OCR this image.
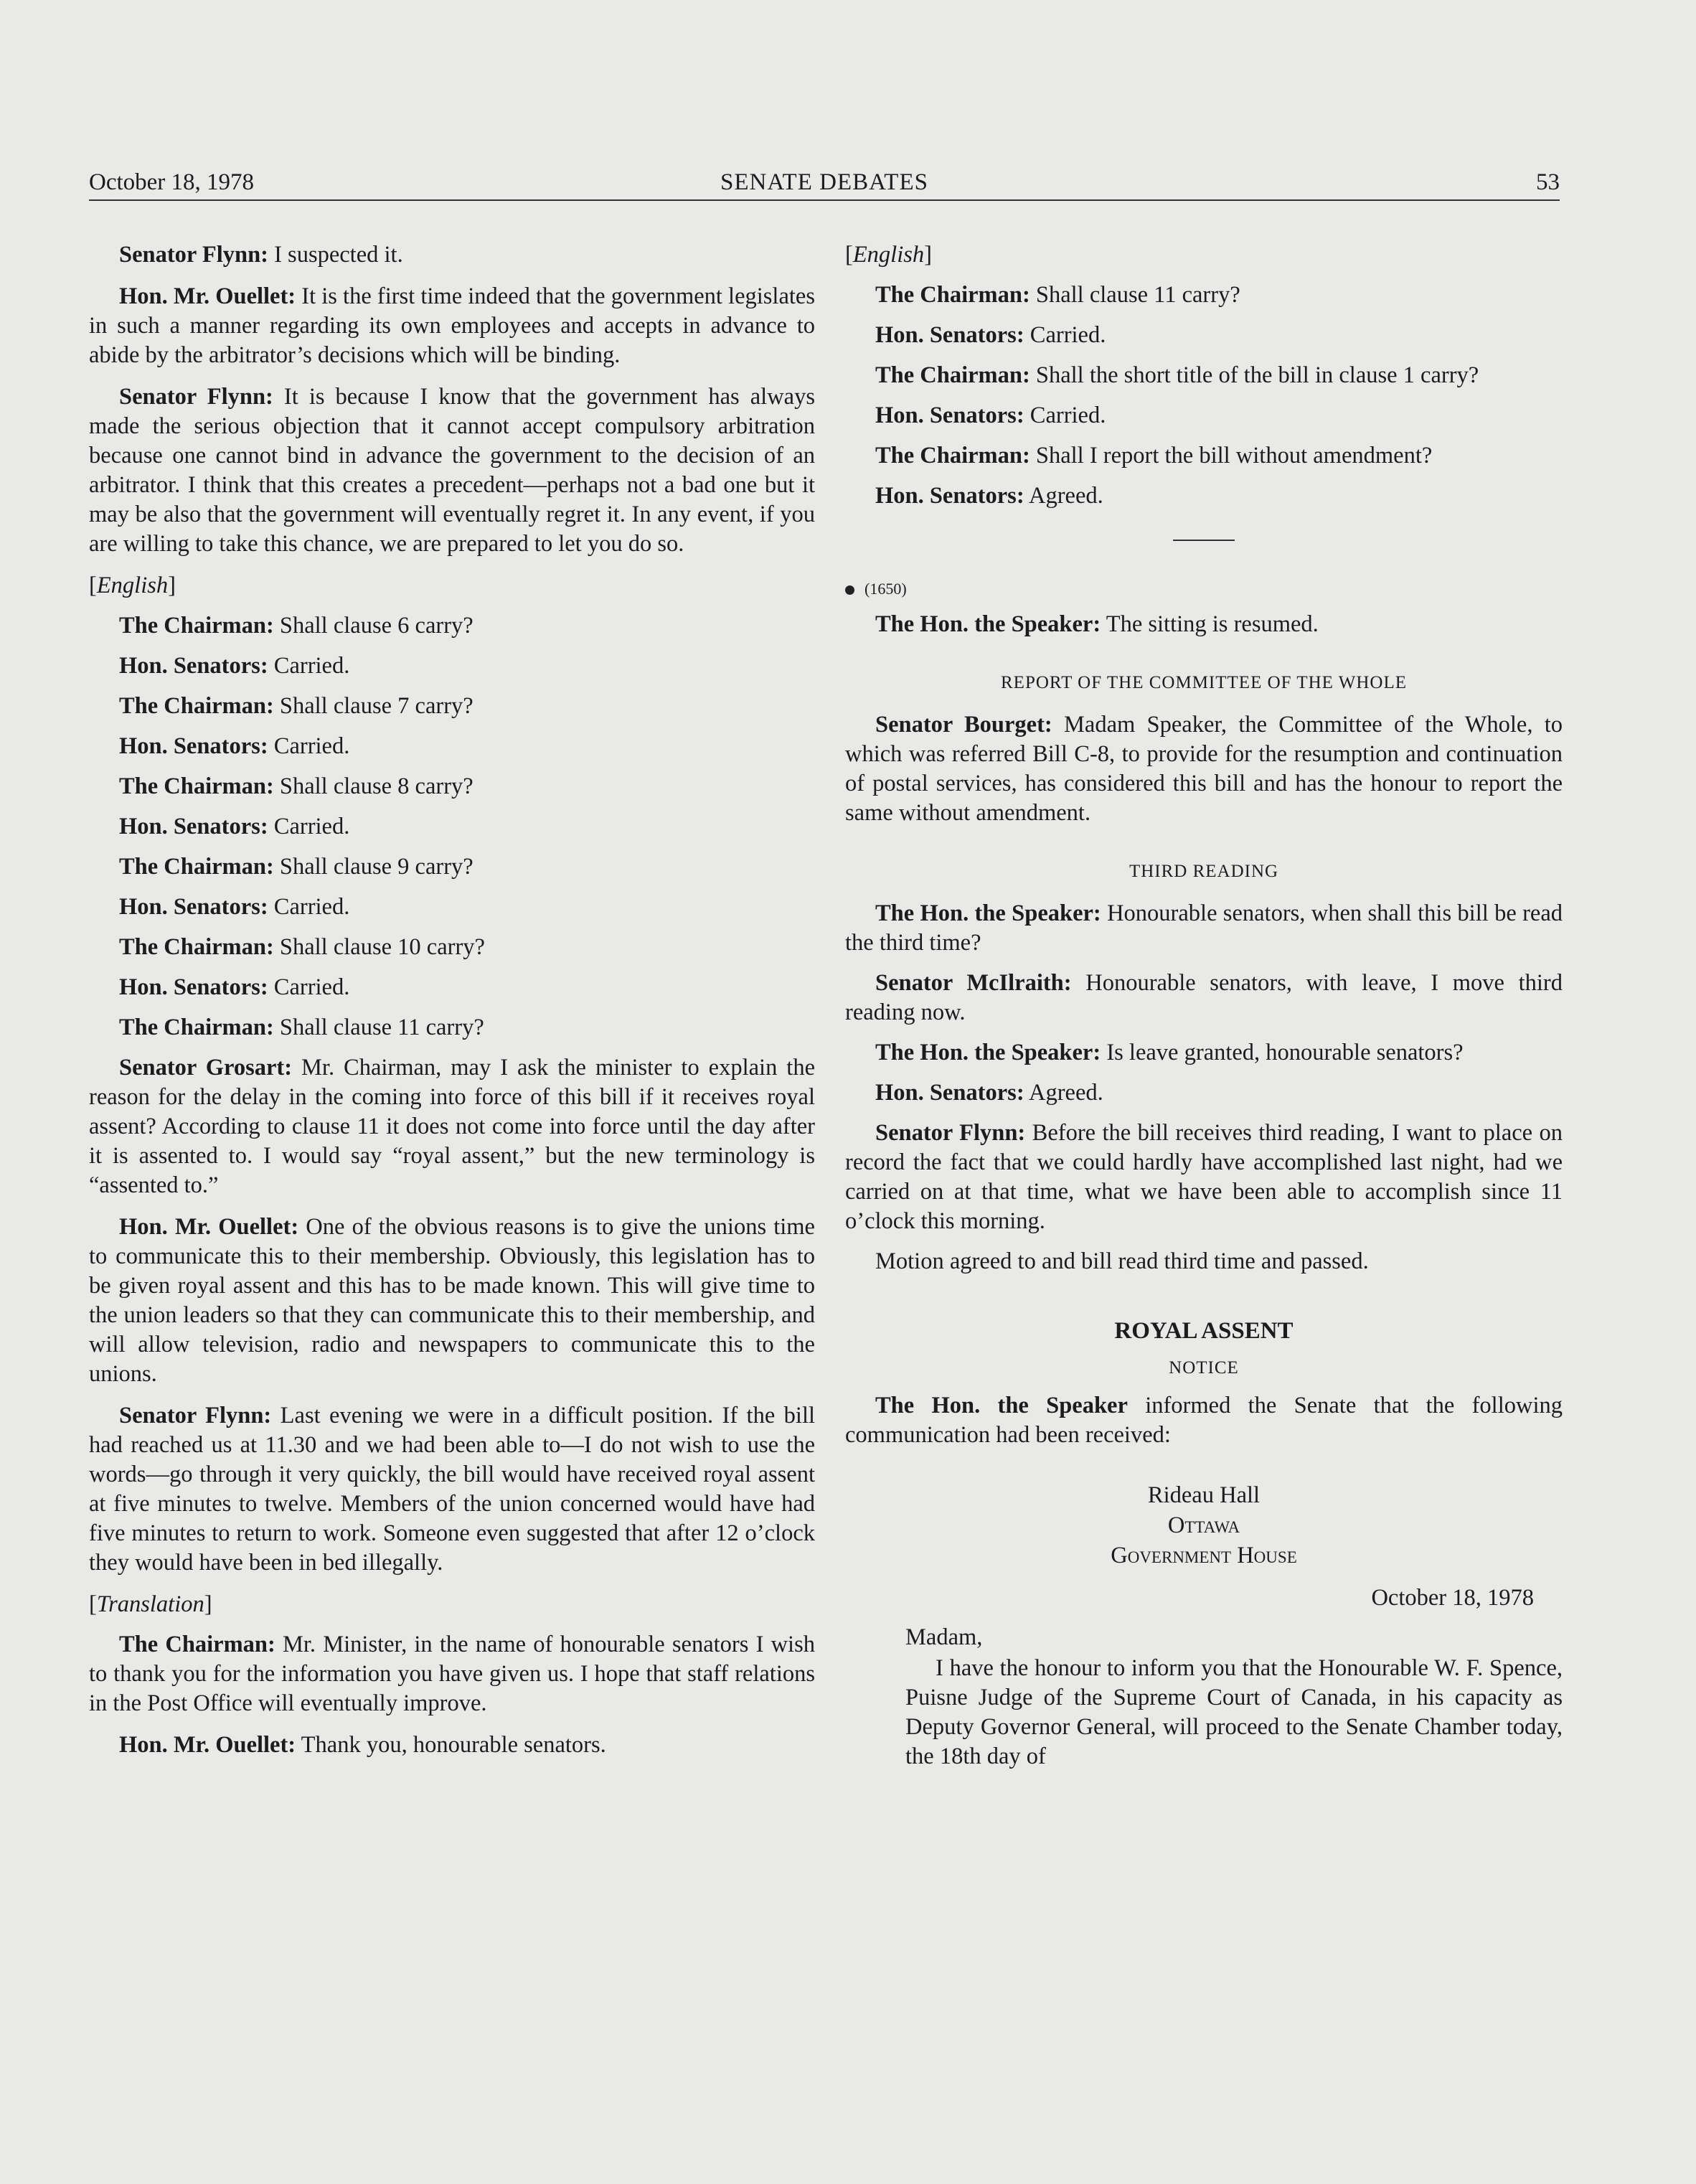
October 18, 1978	SENATE DEBATES	53

Senator Flynn: I suspected it.

Hon. Mr. Ouellet: It is the first time indeed that the government legislates in such a manner regarding its own employees and accepts in advance to abide by the arbitrator’s decisions which will be binding.

Senator Flynn: It is because I know that the government has always made the serious objection that it cannot accept compulsory arbitration because one cannot bind in advance the government to the decision of an arbitrator. I think that this creates a precedent—perhaps not a bad one but it may be also that the government will eventually regret it. In any event, if you are willing to take this chance, we are prepared to let you do so.

[English]

The Chairman: Shall clause 6 carry?

Hon. Senators: Carried.

The Chairman: Shall clause 7 carry?

Hon. Senators: Carried.

The Chairman: Shall clause 8 carry?

Hon. Senators: Carried.

The Chairman: Shall clause 9 carry?

Hon. Senators: Carried.

The Chairman: Shall clause 10 carry?

Hon. Senators: Carried.

The Chairman: Shall clause 11 carry?

Senator Grosart: Mr. Chairman, may I ask the minister to explain the reason for the delay in the coming into force of this bill if it receives royal assent? According to clause 11 it does not come into force until the day after it is assented to. I would say “royal assent,” but the new terminology is “assented to.”

Hon. Mr. Ouellet: One of the obvious reasons is to give the unions time to communicate this to their membership. Obviously, this legislation has to be given royal assent and this has to be made known. This will give time to the union leaders so that they can communicate this to their membership, and will allow television, radio and newspapers to communicate this to the unions.

Senator Flynn: Last evening we were in a difficult position. If the bill had reached us at 11.30 and we had been able to—I do not wish to use the words—go through it very quickly, the bill would have received royal assent at five minutes to twelve. Members of the union concerned would have had five minutes to return to work. Someone even suggested that after 12 o’clock they would have been in bed illegally.

[Translation]

The Chairman: Mr. Minister, in the name of honourable senators I wish to thank you for the information you have given us. I hope that staff relations in the Post Office will eventually improve.

Hon. Mr. Ouellet: Thank you, honourable senators.

[English]

The Chairman: Shall clause 11 carry?

Hon. Senators: Carried.

The Chairman: Shall the short title of the bill in clause 1 carry?

Hon. Senators: Carried.

The Chairman: Shall I report the bill without amendment?

Hon. Senators: Agreed.

(1650)

The Hon. the Speaker: The sitting is resumed.

REPORT OF THE COMMITTEE OF THE WHOLE

Senator Bourget: Madam Speaker, the Committee of the Whole, to which was referred Bill C-8, to provide for the resumption and continuation of postal services, has considered this bill and has the honour to report the same without amendment.

THIRD READING

The Hon. the Speaker: Honourable senators, when shall this bill be read the third time?

Senator McIlraith: Honourable senators, with leave, I move third reading now.

The Hon. the Speaker: Is leave granted, honourable senators?

Hon. Senators: Agreed.

Senator Flynn: Before the bill receives third reading, I want to place on record the fact that we could hardly have accomplished last night, had we carried on at that time, what we have been able to accomplish since 11 o’clock this morning.

Motion agreed to and bill read third time and passed.

ROYAL ASSENT
NOTICE

The Hon. the Speaker informed the Senate that the following communication had been received:

Rideau Hall
Ottawa
Government House
October 18, 1978

Madam,

I have the honour to inform you that the Honourable W. F. Spence, Puisne Judge of the Supreme Court of Canada, in his capacity as Deputy Governor General, will proceed to the Senate Chamber today, the 18th day of
